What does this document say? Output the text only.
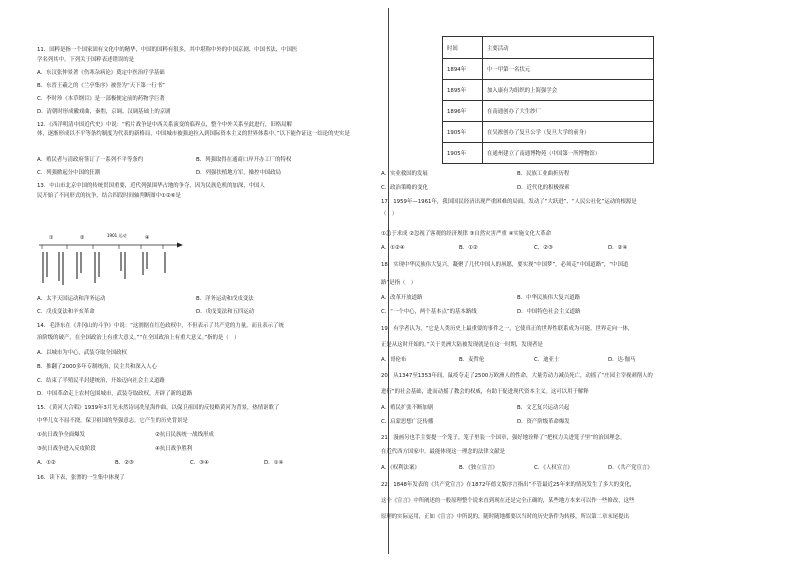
11．国粹是指一个国家固有文化中的精华，中国的国粹有很多，其中堪称中外的中国京剧、中国书法、中国医
学名列其中。下列关于国粹表述错误的是
A．东汉张仲景著《伤寒杂病论》奠定中医治疗学基础
B．东晋王羲之的《兰亭集序》被誉为“天下第一行书”
C．李时珍《本草纲目》是一部极便定前的药物学巨著
D．清朝时形成徽戏曲，秦腔，京调、汉调基础上的京剧
12．《西洋明清中国近代史》中说：“鸦片战争是中西关系演变的临界点，整个中外关系至此进行，旧格局解
体，逐渐形成以不平等条约制度为代表的新格局，中国城市被强迫拉入到国际资本主义的世界体系中。”以下能作证这一结论的史实是
A．殖民者与清政府签订了一系列不平等条约	B．列强取得在通商口岸开办工厂的特权
C．列强掀起分中国的狂潮	D．列强扶植地方军，操控中国政局
13．中山市北京中国的传统贯国重要，近代列强围华占地的争夺，因为民族危机的加深，中国人
民开始了不同形式的抗争，结合四段时间轴判断图中①②⑥是
①	②	1901 运动	④
A．太平天国运动和洋务运动	B．洋务运动和戊戌变法
C．戊戌变法和辛亥革命	D．戊戌变法和五四运动
14．毛泽东在《井冈山的斗争》中说：“这割据在红色政权中，不但表示了共产党的力量，而且表示了统
治阶级的破产，在全国政治上有重大意义。”“在全国政治上有重大意义。”指的是（　）
A．以城市为中心，武装夺取全国政权
B．推翻了2000多年专制统治，民主共和深入人心
C．结束了半殖民半封建统治，开始迈向社会主义道路
D．中国革命走上农村包围城市，武装夺取政权，开辟了新的道路
15．《黄河大合唱》1939年3月光未然诗词冼星海作曲，以保卫祖国的反侵略黄河为背景，热情讴歌了
中华儿女不屈不挠，保卫祖国的坚强意志，它产生的历史背景是
①抗日战争全面爆发	②抗日民族统一战线形成
③抗日战争进入反攻阶段	④抗日战争胜利
A．①②	B．②③	C．③④	D．①④
16．读下表，张謇的一生集中体现了
时间	主要活动
1894年	中一甲第一名状元
1895年	加入康有为组织的上海强学会
1896年	在南通创办了大生纱厂
1905年	在吴淞创办了复旦公学（复旦大学的前身）
1905年	在通州建立了南通博物苑（中国第一所博物馆）
A．实业救国的发展	B．民族工业曲折历程
C．政治策略的变化	D．近代化的积极探索
17．1959年—1961年，我国国民经济出现严重困难的局面，发动了“大跃进”、“人民公社化”运动的根源是
（　）
①急于求成 ②忽视了客观的经济规律 ③自然灾害严重 ④实施文化大革命
A．①②④	B．①②	C．②③	D．②④
18．实现中华民族伟大复兴，凝聚了几代中国人的夙愿，要实现“中国梦”，必须走“中国道路”，“中国道
路”是指（　）
A．改革开放道路	B．中华民族伟大复兴道路
C．“一个中心，两个基本点”的基本路线	D．中国特色社会主义道路
19．有学者认为，“它是人类历史上最重要的事件之一，它使真正的世界性联系成为可能，世界走向一体，
正是从这时开始的。”关于美洲大陆被发现就是在这一时期，发现者是
A．哥伦布	B．麦哲伦	C．迪亚士	D．达·伽马
20．从1347至1353年间，鼠疫夺走了2500万欧洲人的性命，大量劳动力减员死亡，动摇了“庄园主宰视剥削人的
进行”的社会基础，进而动摇了教会的权威，有助于促进现代资本主义。这可以用于解释
A．殖民扩张不断加剧	B．文艺复兴运动兴起
C．启蒙思想广泛传播	D．资产阶级革命爆发
21．漫画另也手主要提一个笼子，笼子里装一个国章，强好地诠释了“把权力关进笼子里”的治国理念。
在近代西方国家中，最能体现这一理念的法律文献是
A．《权利法案》	B．《独立宣言》	C．《人权宣言》	D．《共产党宣言》
22．1848年发表的《共产党宣言》在1872年德文版序言指出“不管最近25年来的情况发生了多大的变化，
这个《宣言》中所阐述的一般原理整个说来直到现在还是完全正确的，某些地方本来可以作一些修改，这些
原理的实际运用，正如《宣言》中所说的，随时随地都要以当时的历史条件为转移，所以第二章末尾提出
